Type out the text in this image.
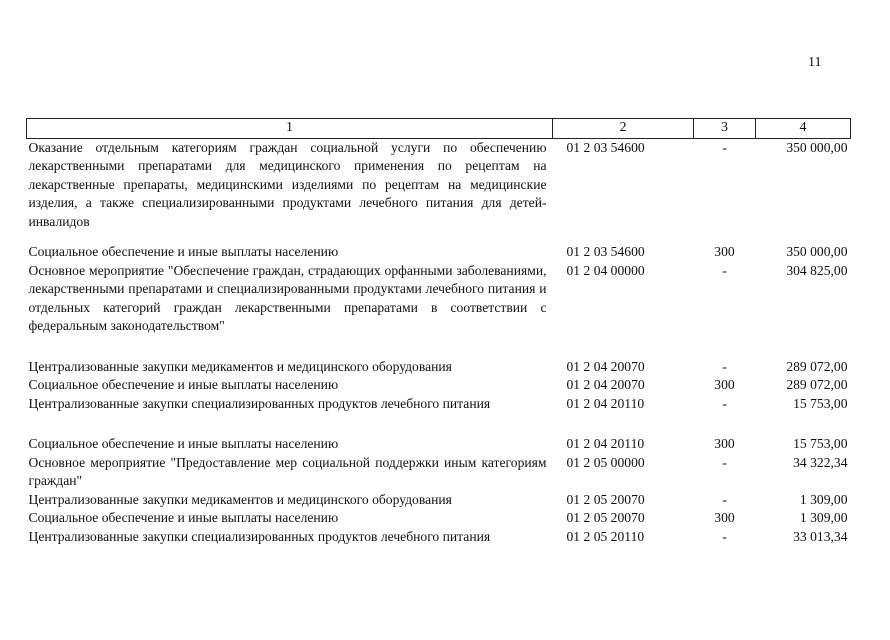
11
1	2	3	4
Оказание отдельным категориям граждан социальной услуги по обеспечению лекарственными препаратами для медицинского применения по рецептам на лекарственные препараты, медицинскими изделиями по рецептам на медицинские изделия, а также специализированными продуктами лечебного питания для детей-инвалидов	01 2 03 54600	-	350 000,00
Социальное обеспечение и иные выплаты населению	01 2 03 54600	300	350 000,00
Основное мероприятие "Обеспечение граждан, страдающих орфанными заболеваниями, лекарственными препаратами и специализированными продуктами лечебного питания и отдельных категорий граждан лекарственными препаратами в соответствии с федеральным законодательством"	01 2 04 00000	-	304 825,00
Централизованные закупки медикаментов и медицинского оборудования	01 2 04 20070	-	289 072,00
Социальное обеспечение и иные выплаты населению	01 2 04 20070	300	289 072,00
Централизованные закупки специализированных продуктов лечебного питания	01 2 04 20110	-	15 753,00
Социальное обеспечение и иные выплаты населению	01 2 04 20110	300	15 753,00
Основное мероприятие "Предоставление мер социальной поддержки иным категориям граждан"	01 2 05 00000	-	34 322,34
Централизованные закупки медикаментов и медицинского оборудования	01 2 05 20070	-	1 309,00
Социальное обеспечение и иные выплаты населению	01 2 05 20070	300	1 309,00
Централизованные закупки специализированных продуктов лечебного питания	01 2 05 20110	-	33 013,34
